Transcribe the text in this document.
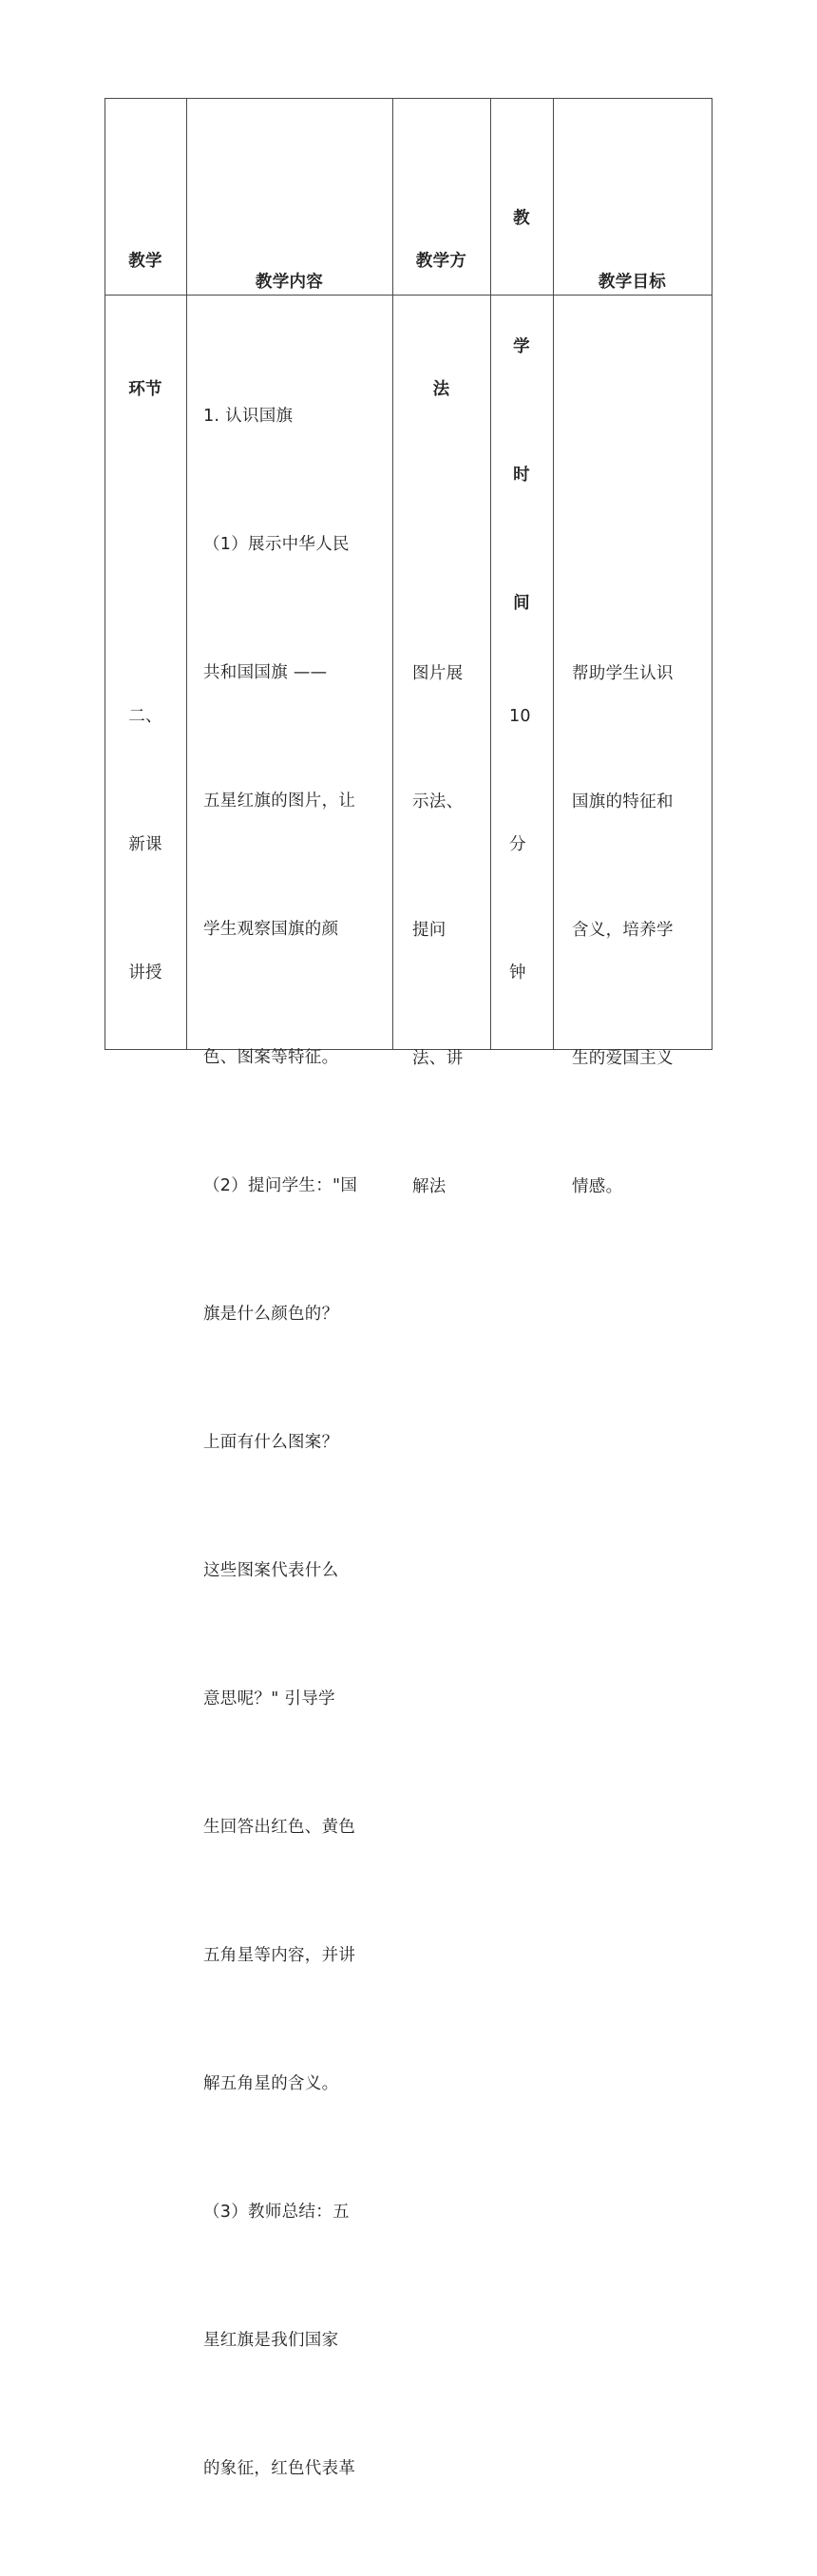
教学

环节

教学内容

教学方

法

教

学

时

间

教学目标

二、

新课

讲授

1. 认识国旗

（1）展示中华人民

共和国国旗 ——

五星红旗的图片，让

学生观察国旗的颜

色、图案等特征。

（2）提问学生："国

旗是什么颜色的？

上面有什么图案？

这些图案代表什么

意思呢？" 引导学

生回答出红色、黄色

五角星等内容，并讲

解五角星的含义。

（3）教师总结：五

星红旗是我们国家

的象征，红色代表革

图片展

示法、

提问

法、讲

解法

10

分

钟

帮助学生认识

国旗的特征和

含义，培养学

生的爱国主义

情感。
